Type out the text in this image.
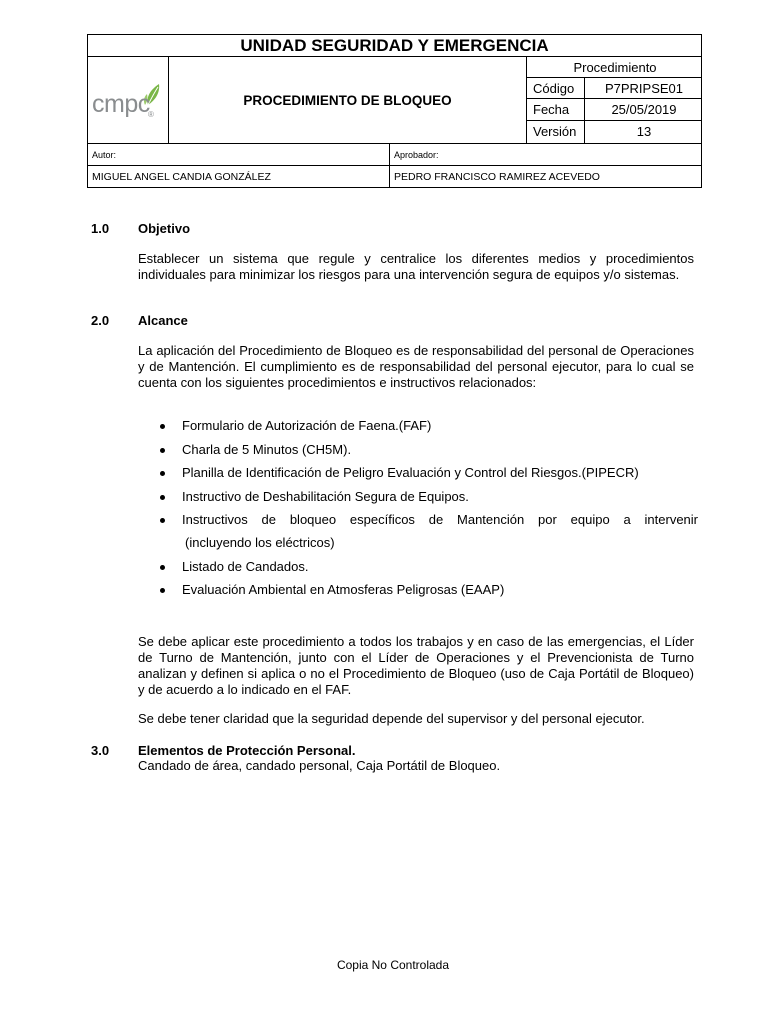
UNIDAD SEGURIDAD Y EMERGENCIA
cmpc
®
PROCEDIMIENTO DE BLOQUEO
Procedimiento
Código	P7PRIPSE01
Fecha	25/05/2019
Versión	13
Autor:	Aprobador:
MIGUEL ANGEL CANDIA GONZÁLEZ	PEDRO FRANCISCO RAMIREZ ACEVEDO
1.0 Objetivo
Establecer un sistema que regule y centralice los diferentes medios y procedimientos individuales para minimizar los riesgos para una intervención segura de equipos y/o sistemas.
2.0 Alcance
La aplicación del Procedimiento de Bloqueo es de responsabilidad del personal de Operaciones y de Mantención. El cumplimiento es de responsabilidad del personal ejecutor, para lo cual se cuenta con los siguientes procedimientos e instructivos relacionados:
Formulario de Autorización de Faena.(FAF)
Charla de 5 Minutos (CH5M).
Planilla de Identificación de Peligro Evaluación y Control del Riesgos.(PIPECR)
Instructivo de Deshabilitación Segura de Equipos.
Instructivos de bloqueo específicos de Mantención por equipo a intervenir
(incluyendo los eléctricos)
Listado de Candados.
Evaluación Ambiental en Atmosferas Peligrosas (EAAP)
Se debe aplicar este procedimiento a todos los trabajos y en caso de las emergencias, el Líder de Turno de Mantención, junto con el Líder de Operaciones y el Prevencionista de Turno analizan y definen si aplica o no el Procedimiento de Bloqueo (uso de Caja Portátil de Bloqueo) y de acuerdo a lo indicado en el FAF.
Se debe tener claridad que la seguridad depende del supervisor y del personal ejecutor.
3.0 Elementos de Protección Personal.
Candado de área, candado personal, Caja Portátil de Bloqueo.
Copia No Controlada
